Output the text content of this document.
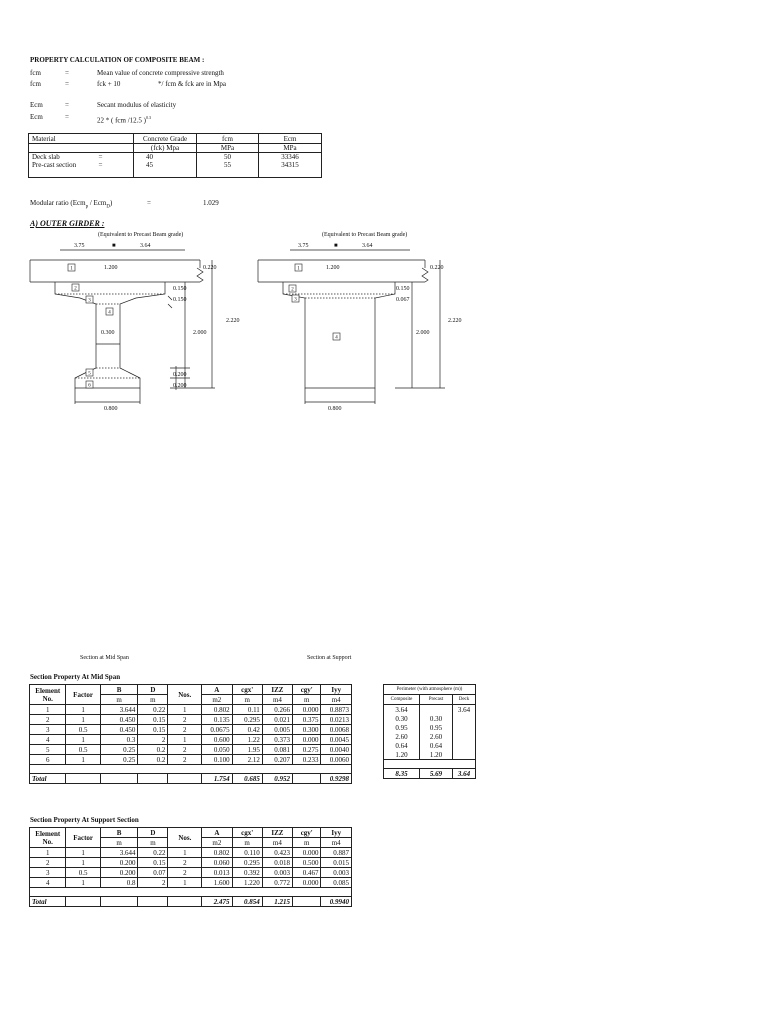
PROPERTY CALCULATION OF COMPOSITE BEAM :
fcm	=	Mean value of concrete compressive strength
fcm	=	fck + 10	*/ fcm & fck are in Mpa
Ecm	=	Secant modulus of elasticity
Ecm	=	22 * ( fcm /12.5 )$^{0.3}$
Material	Concrete Grade	fcm	Ecm
	(fck) Mpa	MPa	MPa
Deck slab =	40	50	33346
Pre-cast section =	45	55	34315

Modular ratio (Ecm$_p$ / Ecm$_D$)	=	1.029
A) OUTER GIRDER :
(Equivalent to Precast Beam grade)	(Equivalent to Precast Beam grade)
1
2
3
4
5
6
1
2
3
4
3.75	■	3.64
1.200	0.220
0.150
0.150
2.220
2.000
0.300
0.200
0.200
0.800
3.75	■	3.64
1.200	0.220
0.150
0.067
2.220
2.000
0.800
Section at Mid Span	Section at Support
Section Property At Mid Span
Element No.	Factor	B	D	Nos.	A	cgx'	IZZ	cgy'	Iyy
		m	m		m2	m	m4	m	m4
1	1	3.644	0.22	1	0.802	0.11	0.266	0.000	0.8873
2	1	0.450	0.15	2	0.135	0.295	0.021	0.375	0.0213
3	0.5	0.450	0.15	2	0.0675	0.42	0.005	0.300	0.0068
4	1	0.3	2	1	0.600	1.22	0.373	0.000	0.0045
5	0.5	0.25	0.2	2	0.050	1.95	0.081	0.275	0.0040
6	1	0.25	0.2	2	0.100	2.12	0.207	0.233	0.0060

Total					1.754	0.685	0.952		0.9298
Perimeter (with atmosphere (m))		
Composite	Precast	Deck
3.64		3.64
0.30	0.30	
0.95	0.95	
2.60	2.60	
0.64	0.64	
1.20	1.20	

8.35	5.69	3.64
Section Property At Support Section
Element No.	Factor	B	D	Nos.	A	cgx'	IZZ	cgy'	Iyy
		m	m		m2	m	m4	m	m4
1	1	3.644	0.22	1	0.802	0.110	0.423	0.000	0.887
2	1	0.200	0.15	2	0.060	0.295	0.018	0.500	0.015
3	0.5	0.200	0.07	2	0.013	0.392	0.003	0.467	0.003
4	1	0.8	2	1	1.600	1.220	0.772	0.000	0.085

Total					2.475	0.854	1.215		0.9940
